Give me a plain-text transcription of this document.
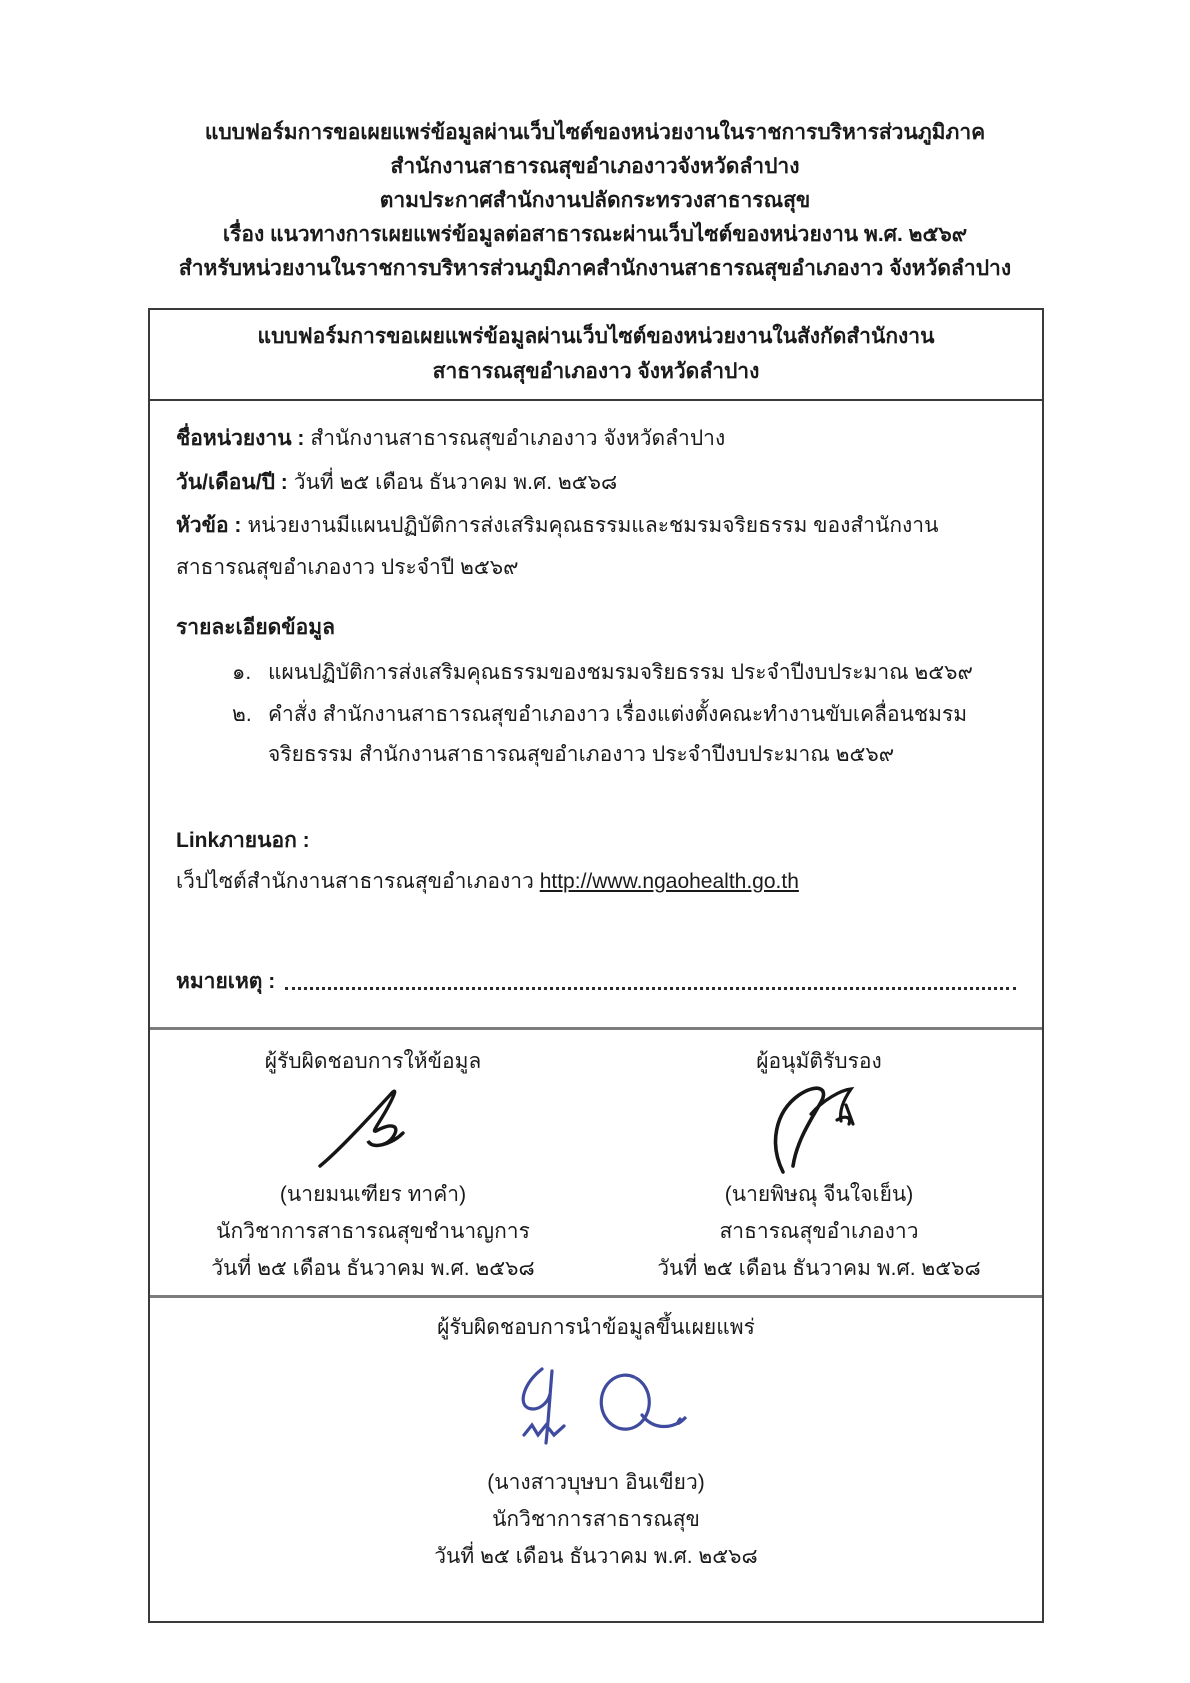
แบบฟอร์มการขอเผยแพร่ข้อมูลผ่านเว็บไซต์ของหน่วยงานในราชการบริหารส่วนภูมิภาค
สำนักงานสาธารณสุขอำเภองาวจังหวัดลำปาง
ตามประกาศสำนักงานปลัดกระทรวงสาธารณสุข
เรื่อง แนวทางการเผยแพร่ข้อมูลต่อสาธารณะผ่านเว็บไซต์ของหน่วยงาน พ.ศ. ๒๕๖๙
สำหรับหน่วยงานในราชการบริหารส่วนภูมิภาคสำนักงานสาธารณสุขอำเภองาว จังหวัดลำปาง
แบบฟอร์มการขอเผยแพร่ข้อมูลผ่านเว็บไซต์ของหน่วยงานในสังกัดสำนักงานสาธารณสุขอำเภองาว จังหวัดลำปาง
ชื่อหน่วยงาน : สำนักงานสาธารณสุขอำเภองาว จังหวัดลำปาง
วัน/เดือน/ปี : วันที่ ๒๕ เดือน ธันวาคม พ.ศ. ๒๕๖๘
หัวข้อ : หน่วยงานมีแผนปฏิบัติการส่งเสริมคุณธรรมและชมรมจริยธรรม ของสำนักงานสาธารณสุขอำเภองาว ประจำปี ๒๕๖๙
รายละเอียดข้อมูล
๑. แผนปฏิบัติการส่งเสริมคุณธรรมของชมรมจริยธรรม ประจำปีงบประมาณ ๒๕๖๙
๒. คำสั่ง สำนักงานสาธารณสุขอำเภองาว เรื่องแต่งตั้งคณะทำงานขับเคลื่อนชมรมจริยธรรม สำนักงานสาธารณสุขอำเภองาว ประจำปีงบประมาณ ๒๕๖๙
Linkภายนอก :
เว็ปไซต์สำนักงานสาธารณสุขอำเภองาว http://www.ngaohealth.go.th
หมายเหตุ :
ผู้รับผิดชอบการให้ข้อมูล
(นายมนเฑียร ทาคำ)
นักวิชาการสาธารณสุขชำนาญการ
วันที่ ๒๕ เดือน ธันวาคม พ.ศ. ๒๕๖๘
ผู้อนุมัติรับรอง
(นายพิษณุ จีนใจเย็น)
สาธารณสุขอำเภองาว
วันที่ ๒๕ เดือน ธันวาคม พ.ศ. ๒๕๖๘
ผู้รับผิดชอบการนำข้อมูลขึ้นเผยแพร่
(นางสาวบุษบา อินเขียว)
นักวิชาการสาธารณสุข
วันที่ ๒๕ เดือน ธันวาคม พ.ศ. ๒๕๖๘
